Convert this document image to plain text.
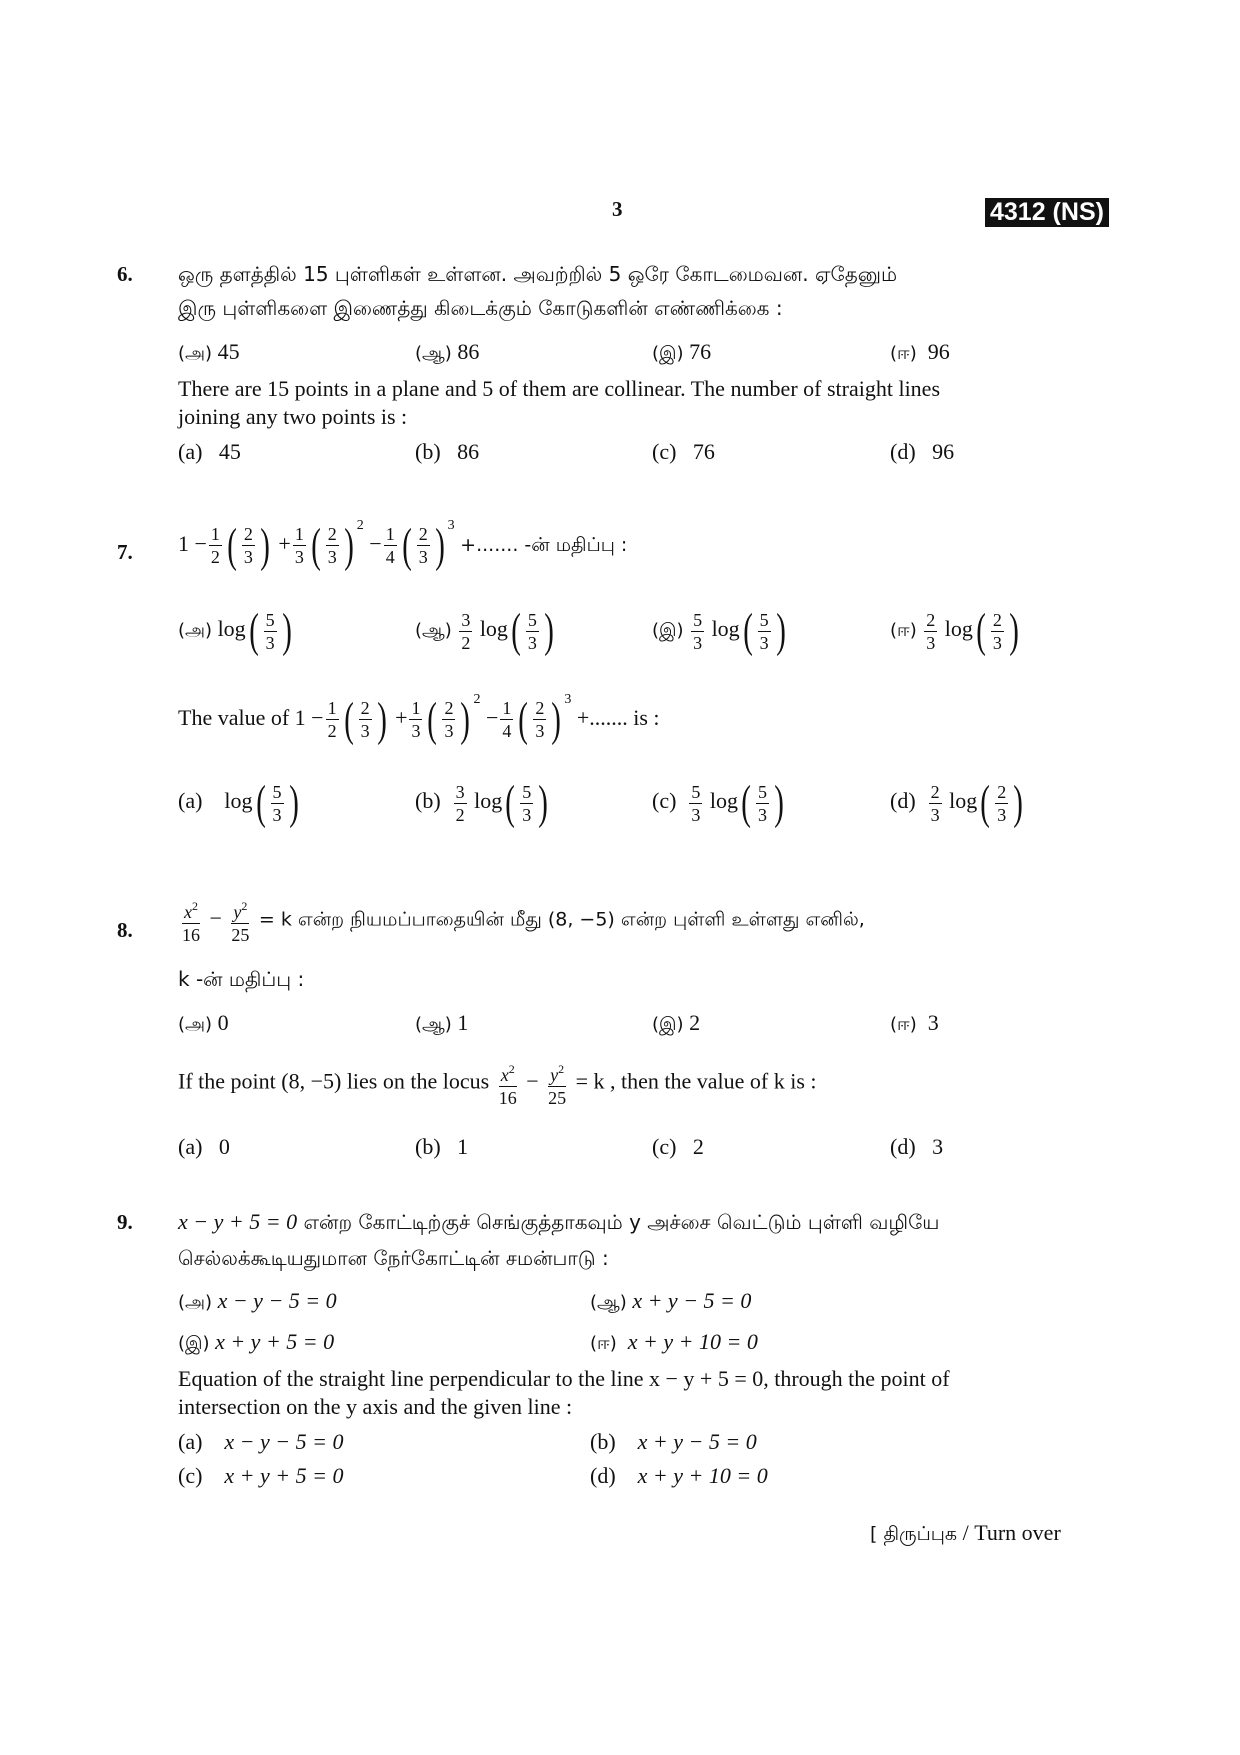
3	4312 (NS)
6. ஒரு தளத்தில் 15 புள்ளிகள் உள்ளன. அவற்றில் 5 ஒரே கோடமைவன. ஏதேனும்
இரு புள்ளிகளை இணைத்து கிடைக்கும் கோடுகளின் எண்ணிக்கை :
(அ) 45	(ஆ) 86	(இ) 76	(ஈ) 96
There are 15 points in a plane and 5 of them are collinear. The number of straight lines
joining any two points is :
(a) 45	(b) 86	(c) 76	(d) 96
7. $1 - \frac{1}{2}$ ( $\frac{2}{3}$ ) + $\frac{1}{3}$ ( $\frac{2}{3}$ ) $^2 - \frac{1}{4}$ ( $\frac{2}{3}$ ) $^3$ +....... -ன் மதிப்பு :
(அ) $\log( \frac{5}{3}$ )	(ஆ) $\frac{3}{2} \log( \frac{5}{3}$ )	(இ) $\frac{5}{3} \log( \frac{5}{3}$ )	(ஈ) $\frac{2}{3} \log( \frac{2}{3}$ )
The value of $1 - \frac{1}{2}$ ( $\frac{2}{3}$ ) + $\frac{1}{3}$ ( $\frac{2}{3}$ ) $^2 - \frac{1}{4}$ ( $\frac{2}{3}$ ) $^3$ +....... is :
(a)    $\log( \frac{5}{3}$ )	$(b) \frac{3}{2} \log( \frac{5}{3}$ )	$(c) \frac{5}{3} \log( \frac{5}{3}$ )	$(d) \frac{2}{3} \log( \frac{2}{3}$ )
8.	$\frac{x^2}{16} - \frac{y^2}{25} = k$ என்ற நியமப்பாதையின் மீது (8, −5) என்ற புள்ளி உள்ளது எனில்,
k -ன் மதிப்பு :
(அ) 0	(ஆ) 1	(இ) 2	(ஈ) 3
If the point (8, −5) lies on the locus $\frac{x^2}{16} - \frac{y^2}{25} = k$ , then the value of k is :
(a) 0	(b) 1	(c) 2	(d) 3
9. x − y + 5 = 0 என்ற கோட்டிற்குச் செங்குத்தாகவும் y அச்சை வெட்டும் புள்ளி வழியே
செல்லக்கூடியதுமான நேர்கோட்டின் சமன்பாடு :
(அ) x − y − 5 = 0	(ஆ) x + y − 5 = 0
(இ) x + y + 5 = 0	(ஈ) x + y + 10 = 0
Equation of the straight line perpendicular to the line x − y + 5 = 0, through the point of
intersection on the y axis and the given line :
(a) x − y − 5 = 0	(b) x + y − 5 = 0
(c) x + y + 5 = 0	(d) x + y + 10 = 0
[ திருப்புக / Turn over
